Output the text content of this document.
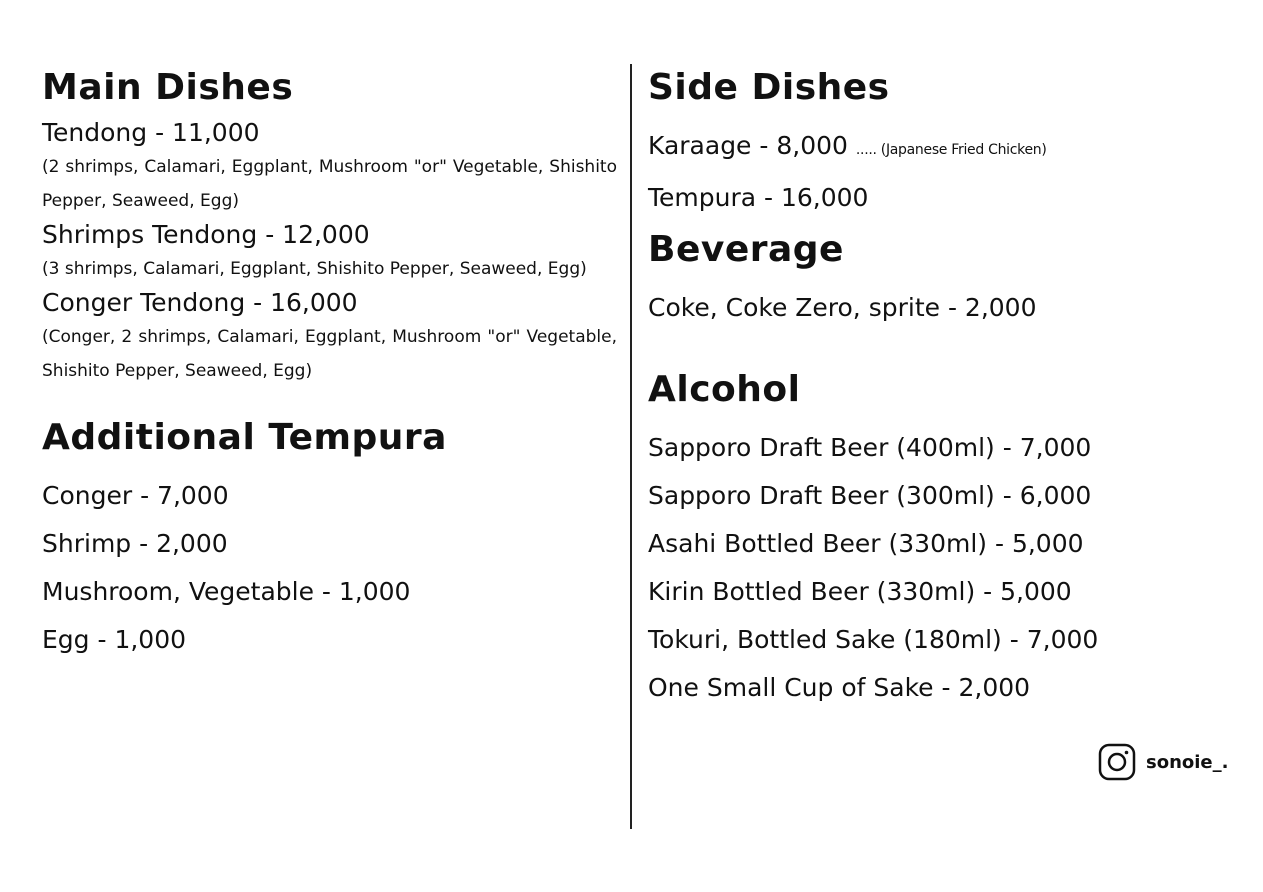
Main Dishes

Tendong - 11,000

(2 shrimps, Calamari, Eggplant, Mushroom "or" Vegetable, Shishito Pepper, Seaweed, Egg)

Shrimps Tendong - 12,000

(3 shrimps, Calamari, Eggplant, Shishito Pepper, Seaweed, Egg)

Conger Tendong - 16,000

(Conger, 2 shrimps, Calamari, Eggplant, Mushroom "or" Vegetable, Shishito Pepper, Seaweed, Egg)

Additional Tempura

Conger - 7,000

Shrimp - 2,000

Mushroom, Vegetable - 1,000

Egg - 1,000

Side Dishes

Karaage - 8,000 ..... (Japanese Fried Chicken)

Tempura - 16,000

Beverage

Coke, Coke Zero, sprite - 2,000

Alcohol

Sapporo Draft Beer (400ml) - 7,000

Sapporo Draft Beer (300ml) - 6,000

Asahi Bottled Beer (330ml) - 5,000

Kirin Bottled Beer (330ml) - 5,000

Tokuri, Bottled Sake (180ml) - 7,000

One Small Cup of Sake - 2,000

sonoie_.
